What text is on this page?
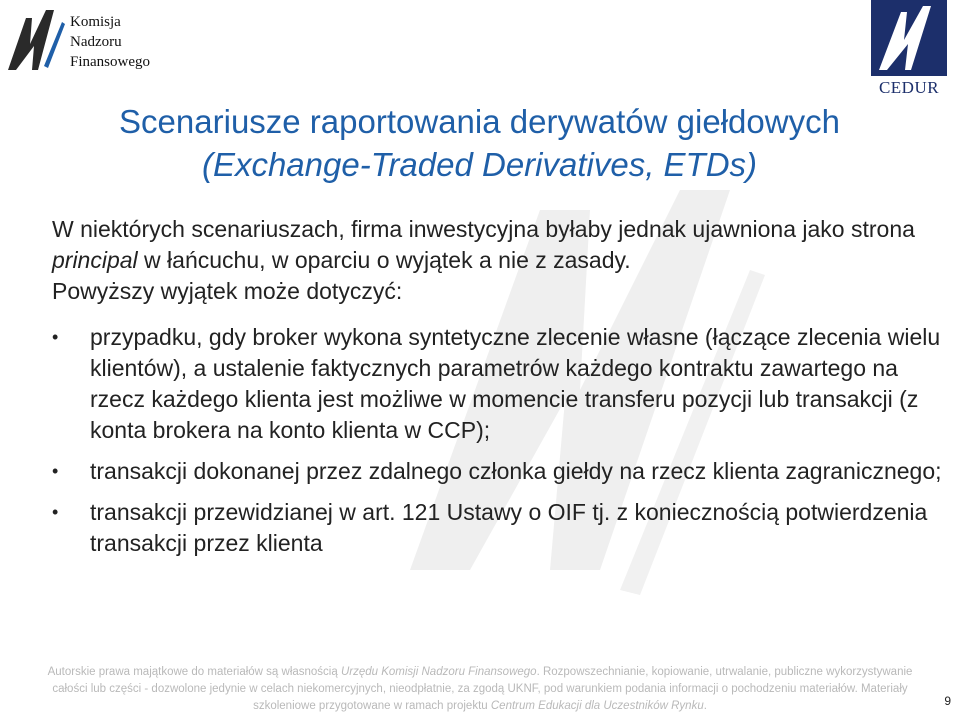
Komisja
Nadzoru
Finansowego
CEDUR
Scenariusze raportowania derywatów giełdowych
(Exchange-Traded Derivatives, ETDs)

W niektórych scenariuszach, firma inwestycyjna byłaby jednak ujawniona jako strona principal w łańcuchu, w oparciu o wyjątek a nie z zasady.

Powyższy wyjątek może dotyczyć:

•	przypadku, gdy broker wykona syntetyczne zlecenie własne (łączące zlecenia wielu klientów), a ustalenie faktycznych parametrów każdego kontraktu zawartego na rzecz każdego klienta jest możliwe w momencie transferu pozycji lub transakcji (z konta brokera na konto klienta w CCP);
•	transakcji dokonanej przez zdalnego członka giełdy na rzecz klienta zagranicznego;
•	transakcji przewidzianej w art. 121 Ustawy o OIF tj. z koniecznością potwierdzenia transakcji przez klienta
Autorskie prawa majątkowe do materiałów są własnością Urzędu Komisji Nadzoru Finansowego. Rozpowszechnianie, kopiowanie, utrwalanie, publiczne wykorzystywanie całości lub części - dozwolone jedynie w celach niekomercyjnych, nieodpłatnie, za zgodą UKNF, pod warunkiem podania informacji o pochodzeniu materiałów. Materiały szkoleniowe przygotowane w ramach projektu Centrum Edukacji dla Uczestników Rynku.	9
